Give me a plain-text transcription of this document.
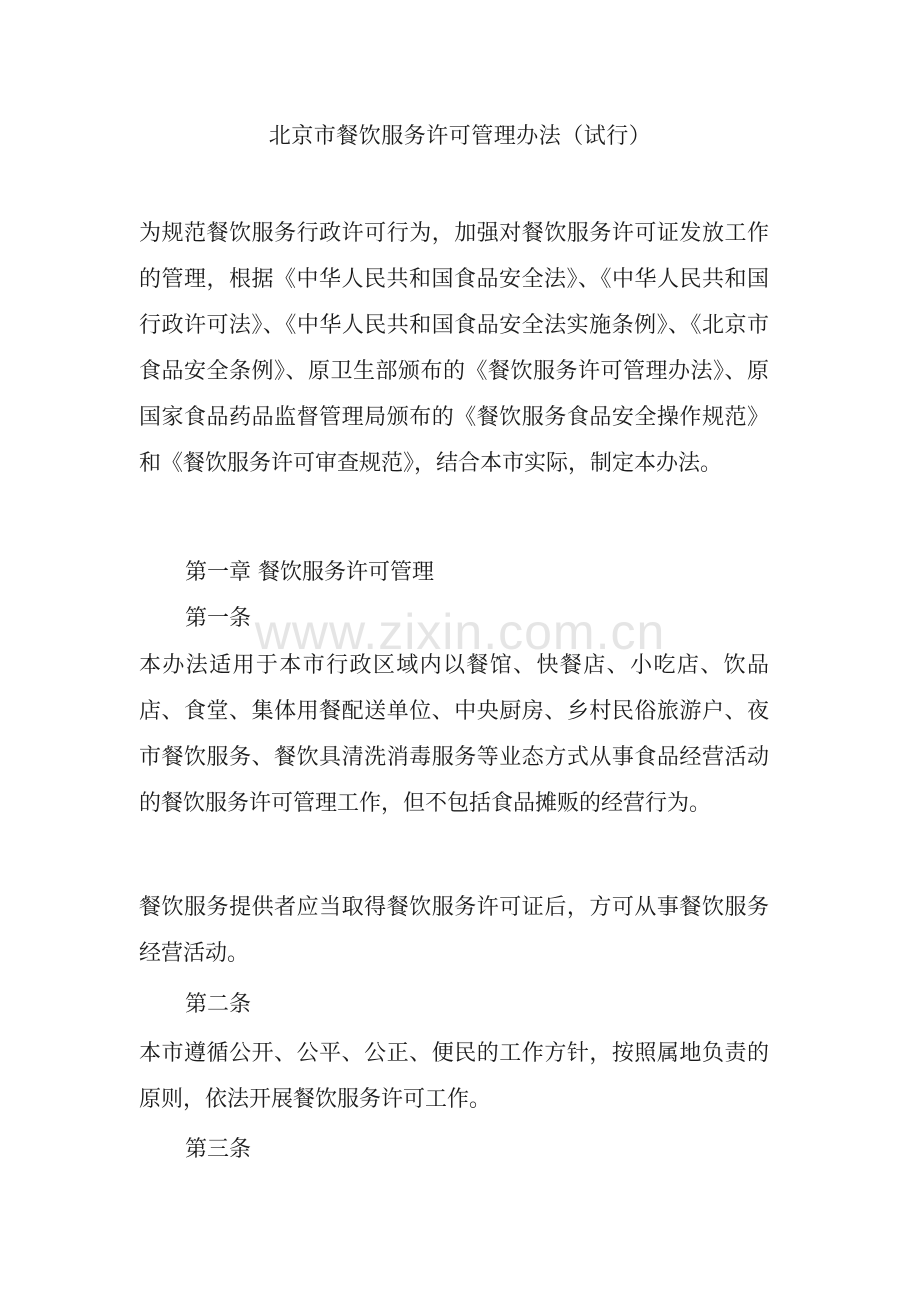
北京市餐饮服务许可管理办法（试行）

为规范餐饮服务行政许可行为，加强对餐饮服务许可证发放工作的管理，根据《中华人民共和国食品安全法》、《中华人民共和国行政许可法》、《中华人民共和国食品安全法实施条例》、《北京市食品安全条例》、原卫生部颁布的《餐饮服务许可管理办法》、原国家食品药品监督管理局颁布的《餐饮服务食品安全操作规范》和《餐饮服务许可审查规范》，结合本市实际，制定本办法。

第一章 餐饮服务许可管理

第一条

本办法适用于本市行政区域内以餐馆、快餐店、小吃店、饮品店、食堂、集体用餐配送单位、中央厨房、乡村民俗旅游户、夜市餐饮服务、餐饮具清洗消毒服务等业态方式从事食品经营活动的餐饮服务许可管理工作，但不包括食品摊贩的经营行为。

餐饮服务提供者应当取得餐饮服务许可证后，方可从事餐饮服务经营活动。

第二条

本市遵循公开、公平、公正、便民的工作方针，按照属地负责的原则，依法开展餐饮服务许可工作。

第三条

www.zixin.com.cn
